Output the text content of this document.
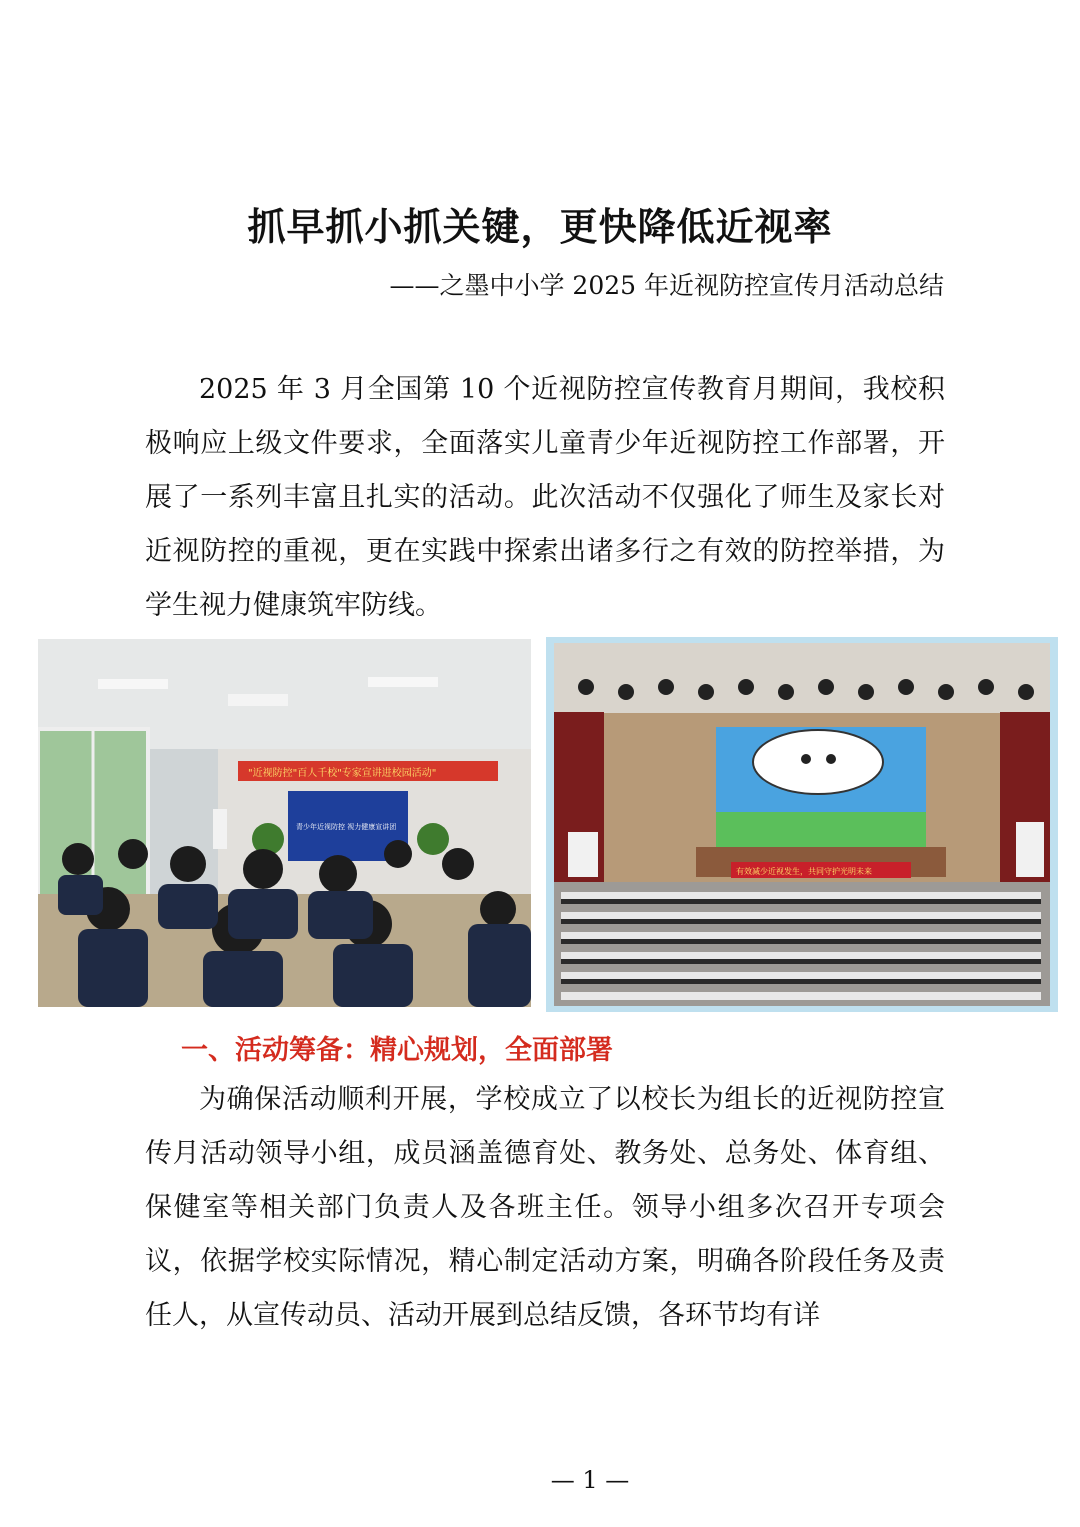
抓早抓小抓关键，更快降低近视率

——之墨中小学 2025 年近视防控宣传月活动总结

2025 年 3 月全国第 10 个近视防控宣传教育月期间，我校积极响应上级文件要求，全面落实儿童青少年近视防控工作部署，开展了一系列丰富且扎实的活动。此次活动不仅强化了师生及家长对近视防控的重视，更在实践中探索出诸多行之有效的防控举措，为学生视力健康筑牢防线。

"近视防控"百人千校"专家宣讲进校园活动"
青少年近视防控 视力健康宣讲团
有效减少近视发生，共同守护光明未来
一、活动筹备：精心规划，全面部署

为确保活动顺利开展，学校成立了以校长为组长的近视防控宣传月活动领导小组，成员涵盖德育处、教务处、总务处、体育组、保健室等相关部门负责人及各班主任。领导小组多次召开专项会议，依据学校实际情况，精心制定活动方案，明确各阶段任务及责任人，从宣传动员、活动开展到总结反馈，各环节均有详

— 1 —
